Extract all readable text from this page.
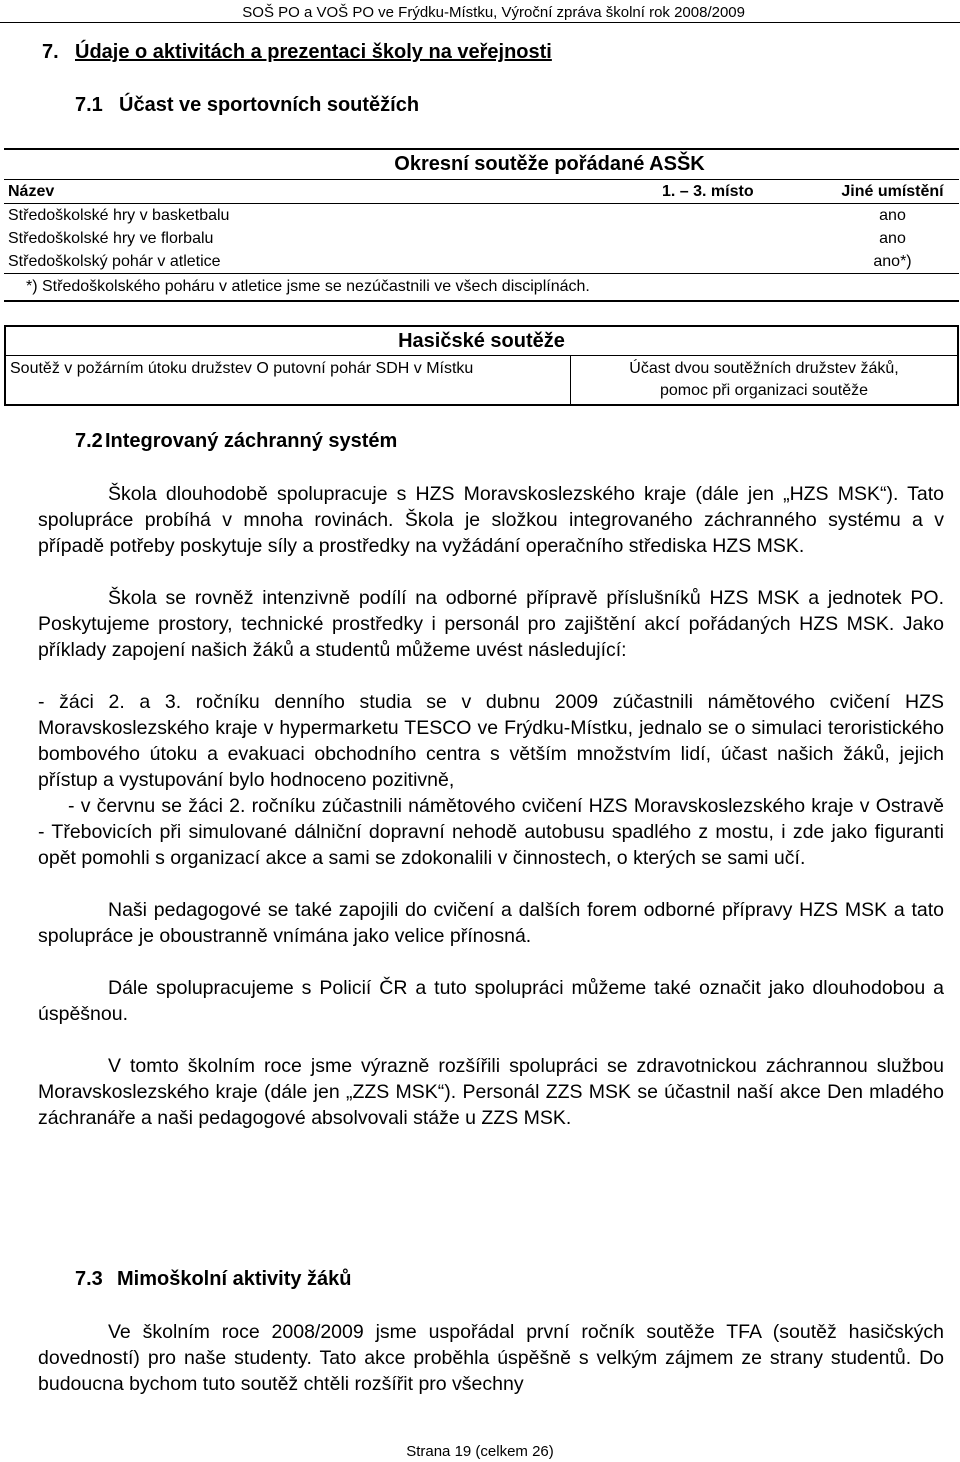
SOŠ PO a VOŠ PO ve Frýdku-Místku, Výroční zpráva školní rok 2008/2009
7. Údaje o aktivitách a prezentaci školy na veřejnosti
7.1 Účast ve sportovních soutěžích
Okresní soutěže pořádané ASŠK		
Název	1. – 3. místo	Jiné umístění
Středoškolské hry v basketbalu		ano
Středoškolské hry ve florbalu		ano
Středoškolský pohár v atletice		ano*)
*) Středoškolského poháru v atletice jsme se nezúčastnili ve všech disciplínách.		
Hasičské soutěže
Soutěž v požárním útoku družstev O putovní pohár SDH v Místku	Účast dvou soutěžních družstev žáků,
pomoc při organizaci soutěže
7.2 Integrovaný záchranný systém

Škola dlouhodobě spolupracuje s HZS Moravskoslezského kraje (dále jen „HZS MSK“). Tato spolupráce probíhá v mnoha rovinách. Škola je složkou integrovaného záchranného systému a v případě potřeby poskytuje síly a prostředky na vyžádání operačního střediska HZS MSK.

Škola se rovněž intenzivně podílí na odborné přípravě příslušníků HZS MSK a jednotek PO. Poskytujeme prostory, technické prostředky i personál pro zajištění akcí pořádaných HZS MSK. Jako příklady zapojení našich žáků a studentů můžeme uvést následující:

- žáci 2. a 3. ročníku denního studia se v dubnu 2009 zúčastnili námětového cvičení HZS Moravskoslezského kraje v hypermarketu TESCO ve Frýdku-Místku, jednalo se o simulaci teroristického bombového útoku a evakuaci obchodního centra s větším množstvím lidí, účast našich žáků, jejich přístup a vystupování bylo hodnoceno pozitivně,

- v červnu se žáci 2. ročníku zúčastnili námětového cvičení HZS Moravskoslezského kraje v Ostravě - Třebovicích při simulované dálniční dopravní nehodě autobusu spadlého z mostu, i zde jako figuranti opět pomohli s organizací akce a sami se zdokonalili v činnostech, o kterých se sami učí.

Naši pedagogové se také zapojili do cvičení a dalších forem odborné přípravy HZS MSK a tato spolupráce je oboustranně vnímána jako velice přínosná.

Dále spolupracujeme s Policií ČR a tuto spolupráci můžeme také označit jako dlouhodobou a úspěšnou.

V tomto školním roce jsme výrazně rozšířili spolupráci se zdravotnickou záchrannou službou Moravskoslezského kraje (dále jen „ZZS MSK“). Personál ZZS MSK se účastnil naší akce Den mladého záchranáře a naši pedagogové absolvovali stáže u ZZS MSK.

7.3 Mimoškolní aktivity žáků

Ve školním roce 2008/2009 jsme uspořádal první ročník soutěže TFA (soutěž hasičských dovedností) pro naše studenty. Tato akce proběhla úspěšně s velkým zájmem ze strany studentů. Do budoucna bychom tuto soutěž chtěli rozšířit pro všechny

Strana 19 (celkem 26)
